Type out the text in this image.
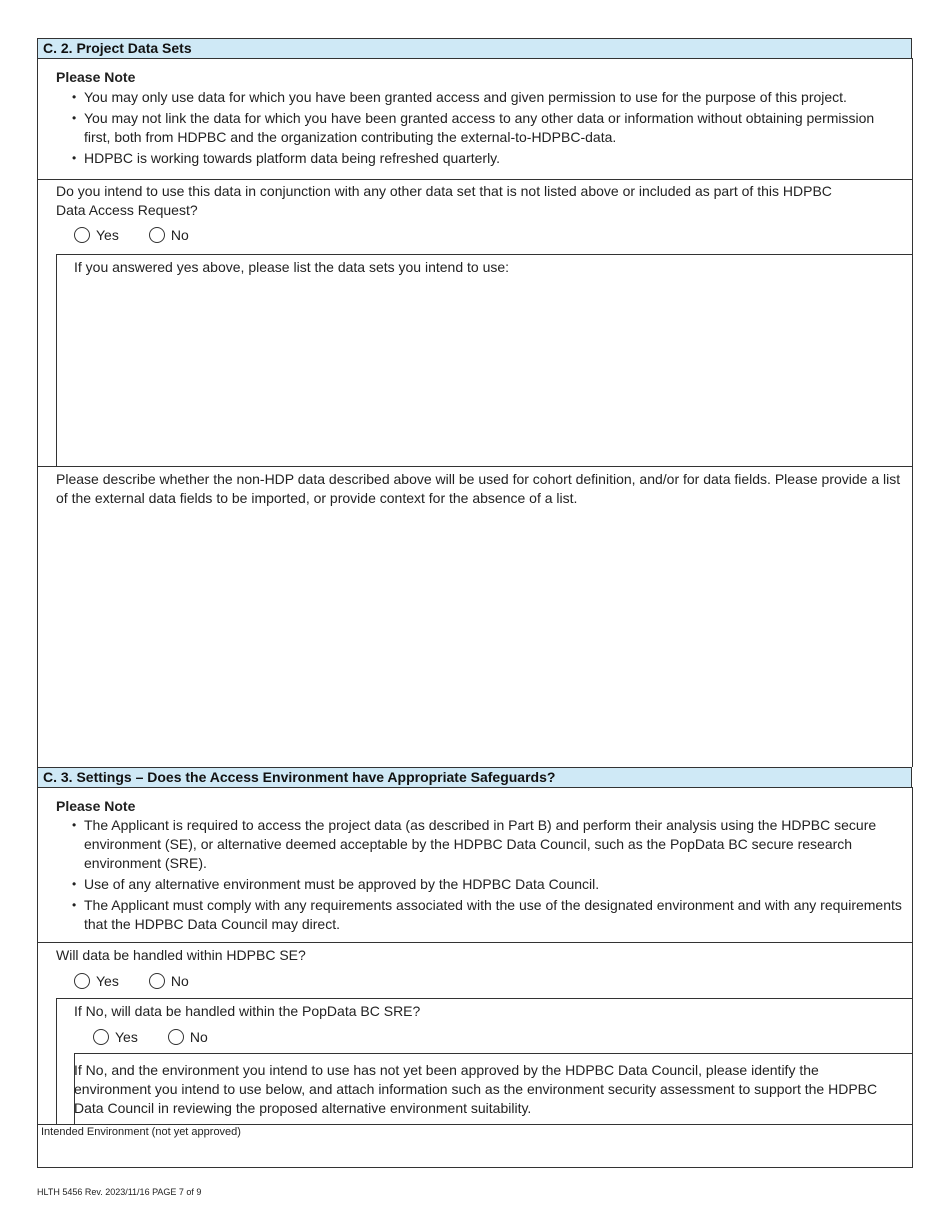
C. 2. Project Data Sets
Please Note
• You may only use data for which you have been granted access and given permission to use for the purpose of this project.
• You may not link the data for which you have been granted access to any other data or information without obtaining permission first, both from HDPBC and the organization contributing the external-to-HDPBC-data.
• HDPBC is working towards platform data being refreshed quarterly.
Do you intend to use this data in conjunction with any other data set that is not listed above or included as part of this HDPBC Data Access Request?
Yes	No
If you answered yes above, please list the data sets you intend to use:
Please describe whether the non-HDP data described above will be used for cohort definition, and/or for data fields. Please provide a list of the external data fields to be imported, or provide context for the absence of a list.
C. 3. Settings – Does the Access Environment have Appropriate Safeguards?
Please Note
• The Applicant is required to access the project data (as described in Part B) and perform their analysis using the HDPBC secure environment (SE), or alternative deemed acceptable by the HDPBC Data Council, such as the PopData BC secure research environment (SRE).
• Use of any alternative environment must be approved by the HDPBC Data Council.
• The Applicant must comply with any requirements associated with the use of the designated environment and with any requirements that the HDPBC Data Council may direct.
Will data be handled within HDPBC SE?
Yes	No
If No, will data be handled within the PopData BC SRE?
Yes	No
If No, and the environment you intend to use has not yet been approved by the HDPBC Data Council, please identify the environment you intend to use below, and attach information such as the environment security assessment to support the HDPBC Data Council in reviewing the proposed alternative environment suitability.
Intended Environment (not yet approved)
HLTH 5456 Rev. 2023/11/16 PAGE 7 of 9
